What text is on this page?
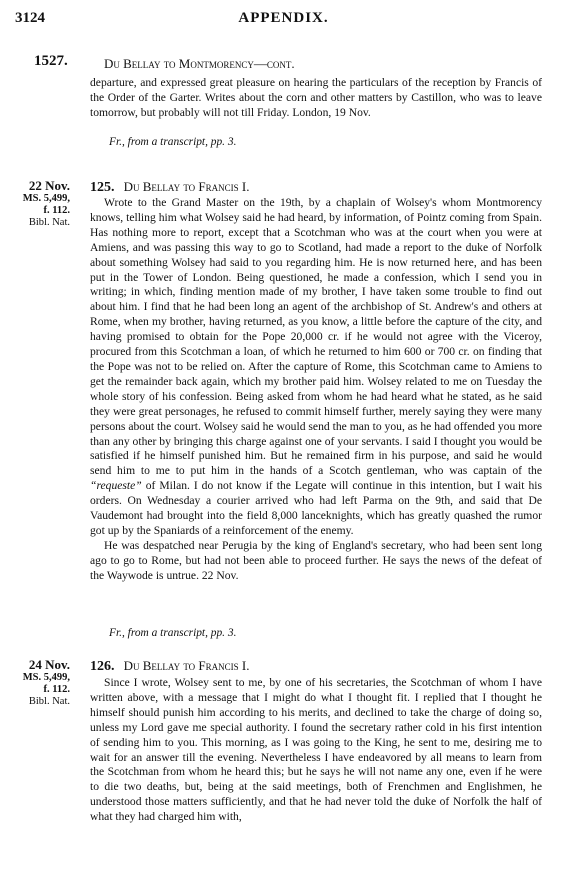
3124	APPENDIX.
1527.	Du Bellay to Montmorency—cont.

departure, and expressed great pleasure on hearing the particulars of the reception by Francis of the Order of the Garter. Writes about the corn and other matters by Castillon, who was to leave tomorrow, but probably will not till Friday. London, 19 Nov.

Fr., from a transcript, pp. 3.
22 Nov.
MS. 5,499,
f. 112.
Bibl. Nat.
125. Du Bellay to Francis I.

Wrote to the Grand Master on the 19th, by a chaplain of Wolsey's whom Montmorency knows, telling him what Wolsey said he had heard, by information, of Pointz coming from Spain. Has nothing more to report, except that a Scotchman who was at the court when you were at Amiens, and was passing this way to go to Scotland, had made a report to the duke of Norfolk about something Wolsey had said to you regarding him. He is now returned here, and has been put in the Tower of London. Being questioned, he made a confession, which I send you in writing; in which, finding mention made of my brother, I have taken some trouble to find out about him. I find that he had been long an agent of the archbishop of St. Andrew's and others at Rome, when my brother, having returned, as you know, a little before the capture of the city, and having promised to obtain for the Pope 20,000 cr. if he would not agree with the Viceroy, procured from this Scotchman a loan, of which he returned to him 600 or 700 cr. on finding that the Pope was not to be relied on. After the capture of Rome, this Scotchman came to Amiens to get the remainder back again, which my brother paid him. Wolsey related to me on Tuesday the whole story of his confession. Being asked from whom he had heard what he stated, as he said they were great personages, he refused to commit himself further, merely saying they were many persons about the court. Wolsey said he would send the man to you, as he had offended you more than any other by bringing this charge against one of your servants. I said I thought you would be satisfied if he himself punished him. But he remained firm in his purpose, and said he would send him to me to put him in the hands of a Scotch gentleman, who was captain of the “requeste” of Milan. I do not know if the Legate will continue in this intention, but I wait his orders. On Wednesday a courier arrived who had left Parma on the 9th, and said that De Vaudemont had brought into the field 8,000 lanceknights, which has greatly quashed the rumor got up by the Spaniards of a reinforcement of the enemy.

He was despatched near Perugia by the king of England's secretary, who had been sent long ago to go to Rome, but had not been able to proceed further. He says the news of the defeat of the Waywode is untrue. 22 Nov.

Fr., from a transcript, pp. 3.
24 Nov.
MS. 5,499,
f. 112.
Bibl. Nat.
126. Du Bellay to Francis I.

Since I wrote, Wolsey sent to me, by one of his secretaries, the Scotchman of whom I have written above, with a message that I might do what I thought fit. I replied that I thought he himself should punish him according to his merits, and declined to take the charge of doing so, unless my Lord gave me special authority. I found the secretary rather cold in his first intention of sending him to you. This morning, as I was going to the King, he sent to me, desiring me to wait for an answer till the evening. Nevertheless I have endeavored by all means to learn from the Scotchman from whom he heard this; but he says he will not name any one, even if he were to die two deaths, but, being at the said meetings, both of Frenchmen and Englishmen, he understood those matters sufficiently, and that he had never told the duke of Norfolk the half of what they had charged him with,
